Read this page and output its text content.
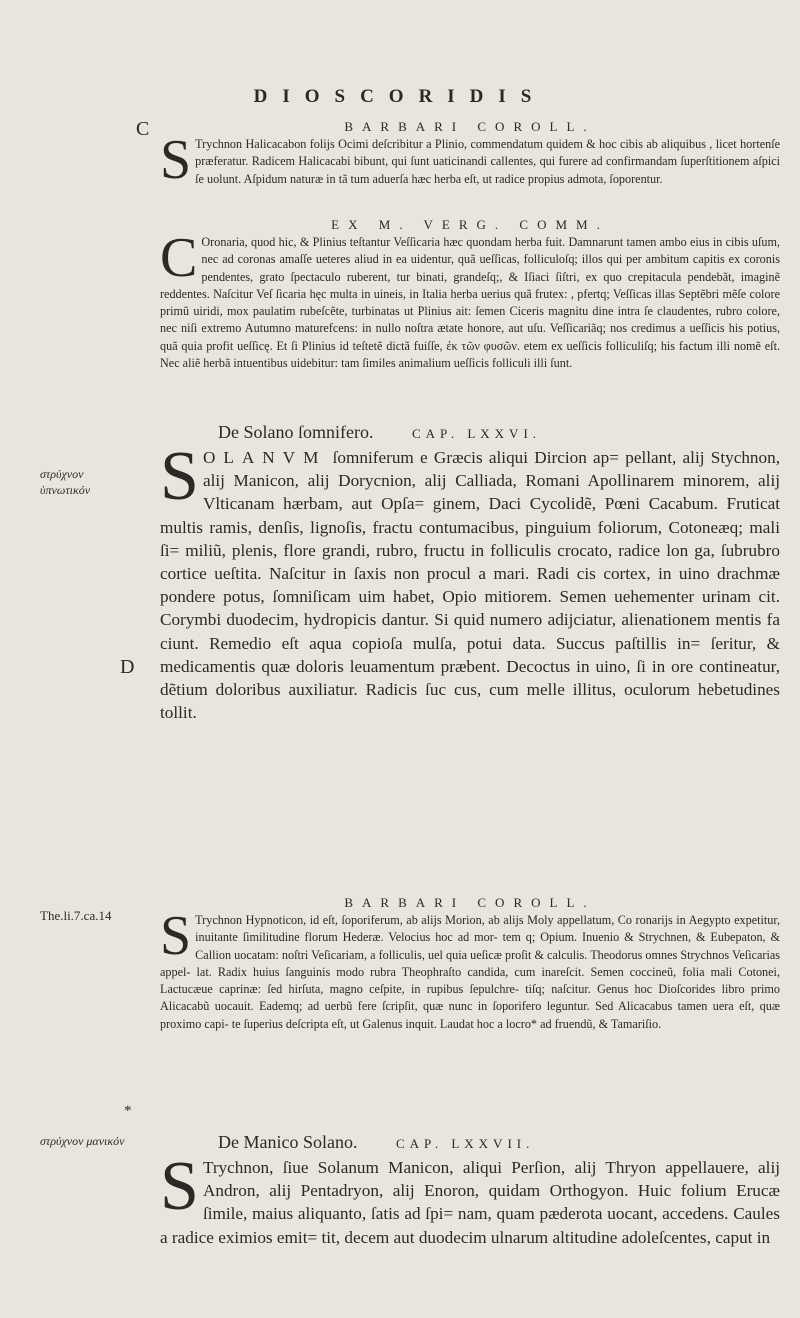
DIOSCORIDIS
C
στρύχνον ὑπνωτικόν
D
The.li.7.ca.14
*
στρύχνον μανικόν
BARBARI COROLL.
S Trychnon Halicacabon folijs Ocimi deſcribitur a Plinio, commendatum quidem & hoc cibis ab aliquibus , licet hortenſe præferatur. Radicem Halicacabi bibunt, qui ſunt uaticinandi callentes, qui furere ad confirmandam ſuperſtitionem aſpici ſe uolunt. Aſpidum naturæ in tã tum aduerſa hæc herba eſt, ut radice propius admota, ſoporentur.
EX M. VERG. COMM.
C Oronaria, quod hic, & Plinius teſtantur Veſſicaria hæc quondam herba fuit. Damnarunt tamen ambo eius in cibis uſum, nec ad coronas amaſſe ueteres aliud in ea uidentur, quã ueſſicas, folliculoſq; illos qui per ambitum capitis ex coronis pendentes, grato ſpectaculo ruberent, tur binati, grandeſq;, & Iſiaci ſiſtri, ex quo crepitacula pendebãt, imaginẽ reddentes. Naſcitur Veſ ſicaria hęc multa in uineis, in Italia herba uerius quã frutex: , pfertq; Veſſicas illas Septẽbri mẽſe colore primũ uiridi, mox paulatim rubeſcẽte, turbinatas ut Plinius ait: ſemen Ciceris magnitu dine intra ſe claudentes, rubro colore, nec niſi extremo Autumno maturefcens: in nullo noſtra ætate honore, aut uſu. Veſſicariãq; nos credimus a ueſſicis his potius, quã quia profit ueſſicę. Et ſi Plinius id teſtetẽ dictã fuiſſe, ἐκ τῶν φυσῶν. etem ex ueſſicis folliculiſq; his factum illi nomẽ eſt. Nec aliẽ herbã intuentibus uidebitur: tam ſimiles animalium ueſſicis folliculi illi ſunt.
De Solano ſomnifero.	CAP. LXXVI.
S OLANVM ſomniferum e Græcis aliqui Dircion ap= pellant, alij Stychnon, alij Manicon, alij Dorycnion, alij Calliada, Romani Apollinarem minorem, alij Vlticanam hærbam, aut Opſa= ginem, Daci Cycolidẽ, Pœni Cacabum. Fruticat multis ramis, denſis, lignoſis, fractu contumacibus, pinguium foliorum, Cotoneæq; mali ſi= miliũ, plenis, flore grandi, rubro, fructu in folliculis crocato, radice lon ga, ſubrubro cortice ueſtita. Naſcitur in ſaxis non procul a mari. Radi cis cortex, in uino drachmæ pondere potus, ſomniſicam uim habet, Opio mitiorem. Semen uehementer urinam cit. Corymbi duodecim, hydropicis dantur. Si quid numero adijciatur, alienationem mentis fa ciunt. Remedio eſt aqua copioſa mulſa, potui data. Succus paſtillis in= ſeritur, & medicamentis quæ doloris leuamentum præbent. Decoctus in uino, ſi in ore contineatur, dẽtium doloribus auxiliatur. Radicis ſuc cus, cum melle illitus, oculorum hebetudines tollit.
BARBARI COROLL.
S Trychnon Hypnoticon, id eſt, ſoporiferum, ab alijs Morion, ab alijs Moly appellatum, Co ronarijs in Aegypto expetitur, inuitante ſimilitudine florum Hederæ. Velocius hoc ad mor- tem q; Opium. Inuenio & Strychnen, & Eubepaton, & Callion uocatam: noſtri Veſicariam, a folliculis, uel quia ueſicæ proſit & calculis. Theodorus omnes Strychnos Veſicarias appel- lat. Radix huius ſanguinis modo rubra Theophraſto candida, cum inareſcit. Semen coccineũ, folia mali Cotonei, Lactucæue caprinæ: ſed hirſuta, magno ceſpite, in rupibus ſepulchre- tiſq; naſcitur. Genus hoc Dioſcorides libro primo Alicacabũ uocauit. Eademq; ad uerbũ fere ſcripſit, quæ nunc in ſoporifero leguntur. Sed Alicacabus tamen uera eſt, quæ proximo capi- te ſuperius deſcripta eſt, ut Galenus inquit. Laudat hoc a locro* ad fruendũ, & Tamariſio.
De Manico Solano.	CAP. LXXVII.
S Trychnon, ſiue Solanum Manicon, aliqui Perſion, alij Thryon appellauere, alij Andron, alij Pentadryon, alij Enoron, quidam Orthogyon. Huic folium Erucæ ſimile, maius aliquanto, ſatis ad ſpi= nam, quam pæderota uocant, accedens. Caules a radice eximios emit= tit, decem aut duodecim ulnarum altitudine adoleſcentes, caput in
